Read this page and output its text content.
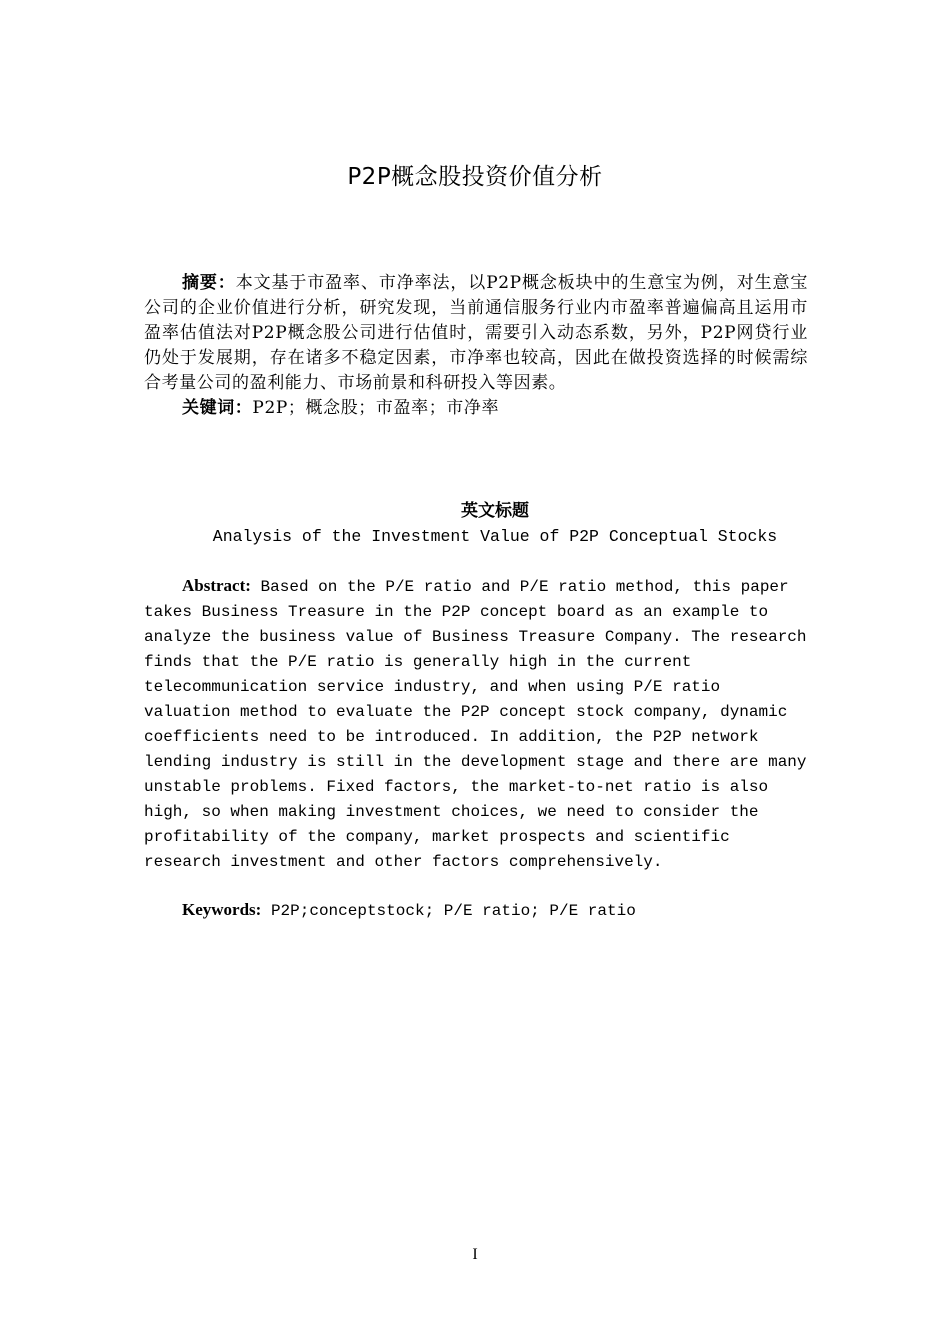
P2P概念股投资价值分析

摘要：本文基于市盈率、市净率法，以P2P概念板块中的生意宝为例，对生意宝公司的企业价值进行分析，研究发现，当前通信服务行业内市盈率普遍偏高且运用市盈率估值法对P2P概念股公司进行估值时，需要引入动态系数，另外，P2P网贷行业仍处于发展期，存在诸多不稳定因素，市净率也较高，因此在做投资选择的时候需综合考量公司的盈利能力、市场前景和科研投入等因素。

关键词：P2P；概念股；市盈率；市净率

英文标题
Analysis of the Investment Value of P2P Conceptual Stocks

Abstract: Based on the P/E ratio and P/E ratio method, this paper takes Business Treasure in the P2P concept board as an example to analyze the business value of Business Treasure Company. The research finds that the P/E ratio is generally high in the current telecommunication service industry, and when using P/E ratio valuation method to evaluate the P2P concept stock company, dynamic coefficients need to be introduced. In addition, the P2P network lending industry is still in the development stage and there are many unstable problems. Fixed factors, the market-to-net ratio is also high, so when making investment choices, we need to consider the profitability of the company, market prospects and scientific research investment and other factors comprehensively.

Keywords: P2P;conceptstock; P/E ratio; P/E ratio
I
